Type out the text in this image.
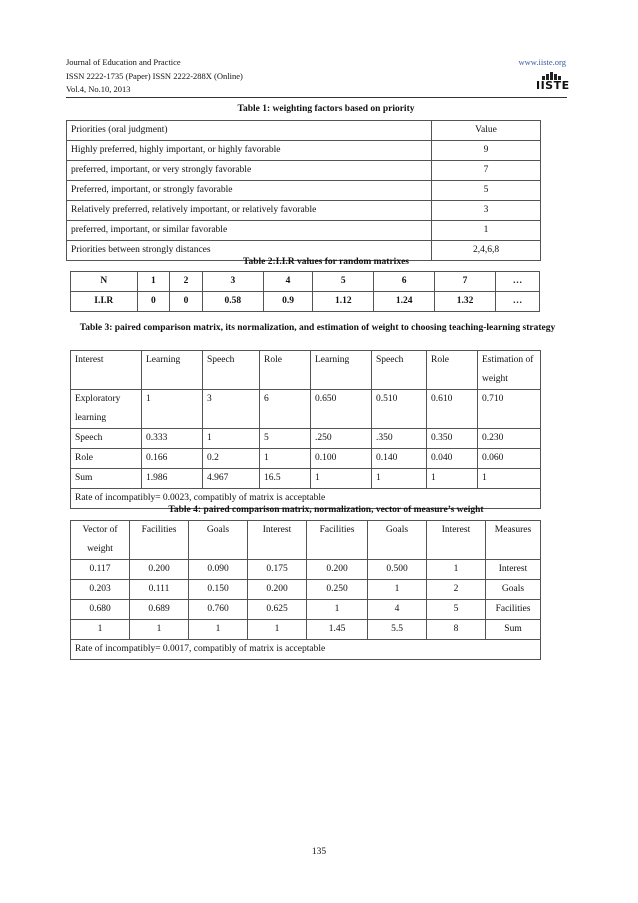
Journal of Education and Practice
ISSN 2222-1735 (Paper) ISSN 2222-288X (Online)
Vol.4, No.10, 2013
www.iiste.org
IISTE
Table 1: weighting factors based on priority
Priorities (oral judgment)	Value
Highly preferred, highly important, or highly favorable	9
preferred, important, or very strongly favorable	7
Preferred, important, or strongly favorable	5
Relatively preferred, relatively important, or relatively favorable	3
preferred, important, or similar favorable	1
Priorities between strongly distances	2,4,6,8
Table 2:I.I.R values for random matrixes
N	1	2	3	4	5	6	7	…
I.I.R	0	0	0.58	0.9	1.12	1.24	1.32	…
Table 3: paired comparison matrix, its normalization, and estimation of weight to choosing teaching-learning strategy
Interest	Learning	Speech	Role	Learning	Speech	Role	Estimation of weight
Exploratory learning	1	3	6	0.650	0.510	0.610	0.710
Speech	0.333	1	5	.250	.350	0.350	0.230
Role	0.166	0.2	1	0.100	0.140	0.040	0.060
Sum	1.986	4.967	16.5	1	1	1	1
Rate of incompatibly= 0.0023, compatibly of matrix is acceptable							
Table 4: paired comparison matrix, normalization, vector of measure’s weight
Vector of weight	Facilities	Goals	Interest	Facilities	Goals	Interest	Measures
0.117	0.200	0.090	0.175	0.200	0.500	1	Interest
0.203	0.111	0.150	0.200	0.250	1	2	Goals
0.680	0.689	0.760	0.625	1	4	5	Facilities
1	1	1	1	1.45	5.5	8	Sum
Rate of incompatibly= 0.0017, compatibly of matrix is acceptable							
135
